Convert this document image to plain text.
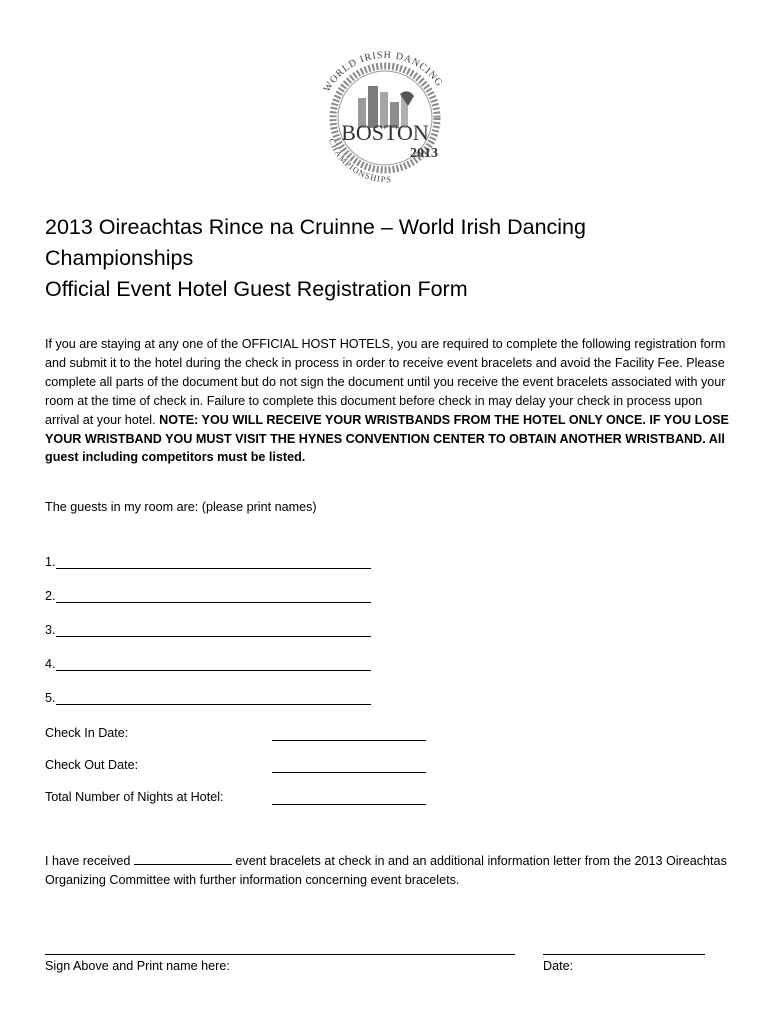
BOSTON
2013
WORLD IRISH DANCING
CHAMPIONSHIPS
2013 Oireachtas Rince na Cruinne – World Irish Dancing
Championships
Official Event Hotel Guest Registration Form
If you are staying at any one of the OFFICIAL HOST HOTELS, you are required to complete the following registration form and submit it to the hotel during the check in process in order to receive event bracelets and avoid the Facility Fee. Please complete all parts of the document but do not sign the document until you receive the event bracelets associated with your room at the time of check in. Failure to complete this document before check in may delay your check in process upon arrival at your hotel. NOTE: YOU WILL RECEIVE YOUR WRISTBANDS FROM THE HOTEL ONLY ONCE. IF YOU LOSE YOUR WRISTBAND YOU MUST VISIT THE HYNES CONVENTION CENTER TO OBTAIN ANOTHER WRISTBAND. All guest including competitors must be listed.
The guests in my room are: (please print names)
1.
2.
3.
4.
5.
Check In Date:
Check Out Date:
Total Number of Nights at Hotel:
I have received	event bracelets at check in and an additional information letter from the 2013 Oireachtas Organizing Committee with further information concerning event bracelets.
Sign Above and Print name here:	Date:
